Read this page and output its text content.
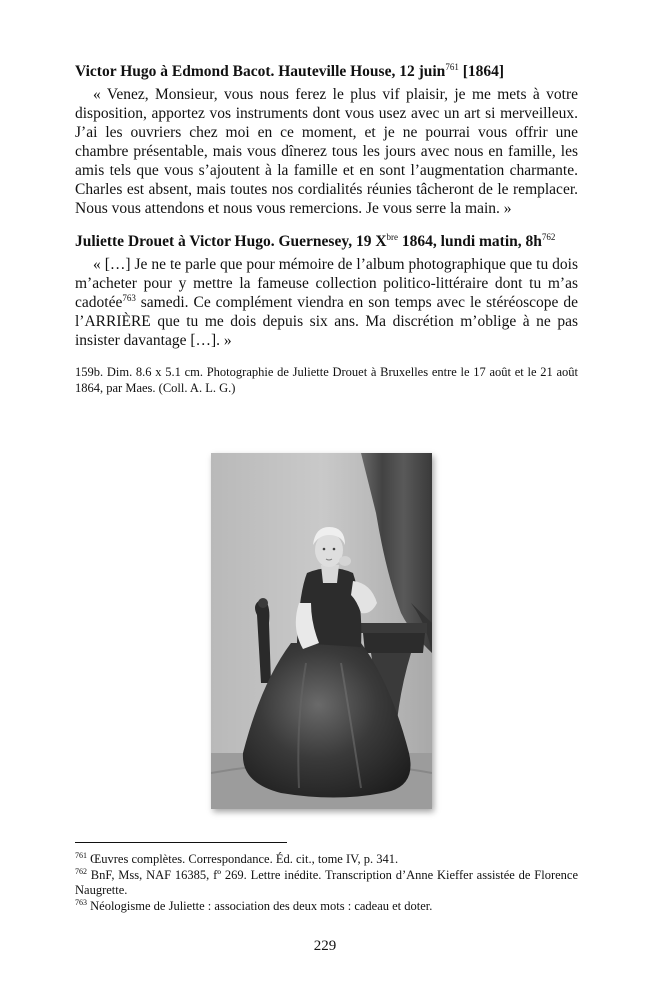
Victor Hugo à Edmond Bacot. Hauteville House, 12 juin$^{761}$ [1864]

« Venez, Monsieur, vous nous ferez le plus vif plaisir, je me mets à votre disposition, apportez vos instruments dont vous usez avec un art si merveilleux. J’ai les ouvriers chez moi en ce moment, et je ne pourrai vous offrir une chambre présentable, mais vous dînerez tous les jours avec nous en famille, les amis tels que vous s’ajoutent à la famille et en sont l’augmentation charmante. Charles est absent, mais toutes nos cordialités réunies tâcheront de le remplacer. Nous vous attendons et nous vous remercions. Je vous serre la main. »

Juliette Drouet à Victor Hugo. Guernesey, 19 $X^{bre}$ 1864, lundi matin, $8h^{762}$

« […] Je ne te parle que pour mémoire de l’album photographique que tu dois m’acheter pour y mettre la fameuse collection politico-littéraire dont tu m’as cadotée$^{763}$ samedi. Ce complément viendra en son temps avec le stéréoscope de l’ARRIÈRE que tu me dois depuis six ans. Ma discrétion m’oblige à ne pas insister davantage […]. »

159b. Dim. 8.6 x 5.1 cm. Photographie de Juliette Drouet à Bruxelles entre le 17 août et le 21 août 1864, par Maes. (Coll. A. L. G.)

$^{761}$ Œuvres complètes. Correspondance. Éd. cit., tome IV, p. 341.

$^{762}$ BnF, Mss, NAF 16385, fº 269. Lettre inédite. Transcription d’Anne Kieffer assistée de Florence Naugrette.

$^{763}$ Néologisme de Juliette : association des deux mots : cadeau et doter.

229
